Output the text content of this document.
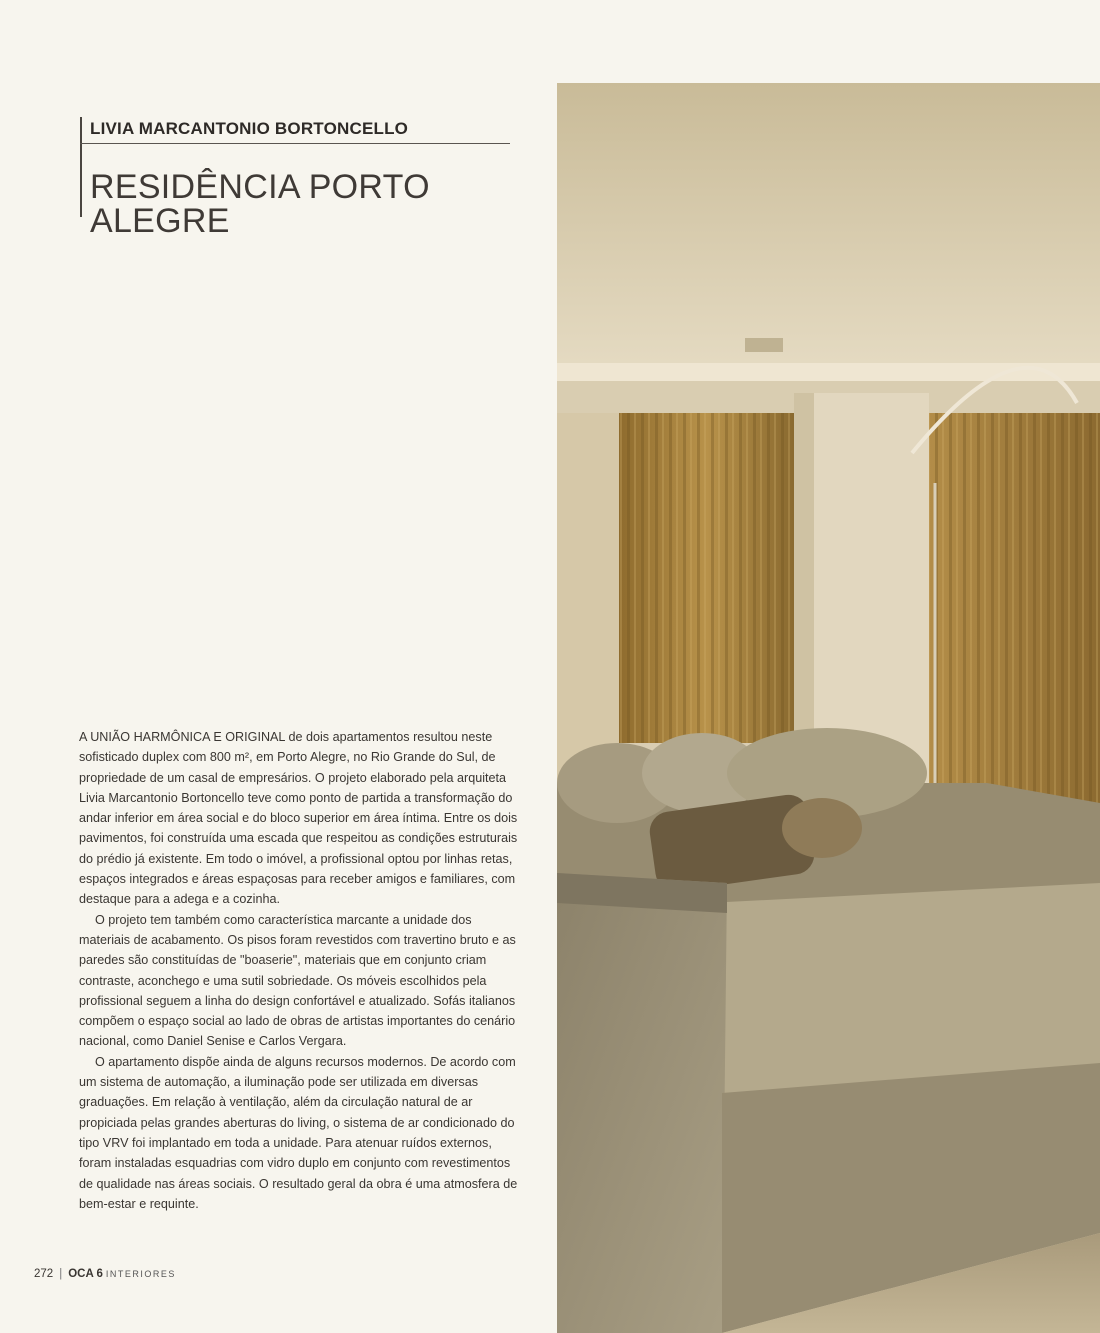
LIVIA MARCANTONIO BORTONCELLO
RESIDÊNCIA PORTO ALEGRE

A UNIÃO HARMÔNICA E ORIGINAL de dois apartamentos resultou neste sofisticado duplex com 800 m², em Porto Alegre, no Rio Grande do Sul, de propriedade de um casal de empresários. O projeto elaborado pela arquiteta Livia Marcantonio Bortoncello teve como ponto de partida a transformação do andar inferior em área social e do bloco superior em área íntima. Entre os dois pavimentos, foi construída uma escada que respeitou as condições estruturais do prédio já existente. Em todo o imóvel, a profissional optou por linhas retas, espaços integrados e áreas espaçosas para receber amigos e familiares, com destaque para a adega e a cozinha.

O projeto tem também como característica marcante a unidade dos materiais de acabamento. Os pisos foram revestidos com travertino bruto e as paredes são constituídas de "boaserie", materiais que em conjunto criam contraste, aconchego e uma sutil sobriedade. Os móveis escolhidos pela profissional seguem a linha do design confortável e atualizado. Sofás italianos compõem o espaço social ao lado de obras de artistas importantes do cenário nacional, como Daniel Senise e Carlos Vergara.

O apartamento dispõe ainda de alguns recursos modernos. De acordo com um sistema de automação, a iluminação pode ser utilizada em diversas graduações. Em relação à ventilação, além da circulação natural de ar propiciada pelas grandes aberturas do living, o sistema de ar condicionado do tipo VRV foi implantado em toda a unidade. Para atenuar ruídos externos, foram instaladas esquadrias com vidro duplo em conjunto com revestimentos de qualidade nas áreas sociais. O resultado geral da obra é uma atmosfera de bem-estar e requinte.

272 | OCA 6 INTERIORES
